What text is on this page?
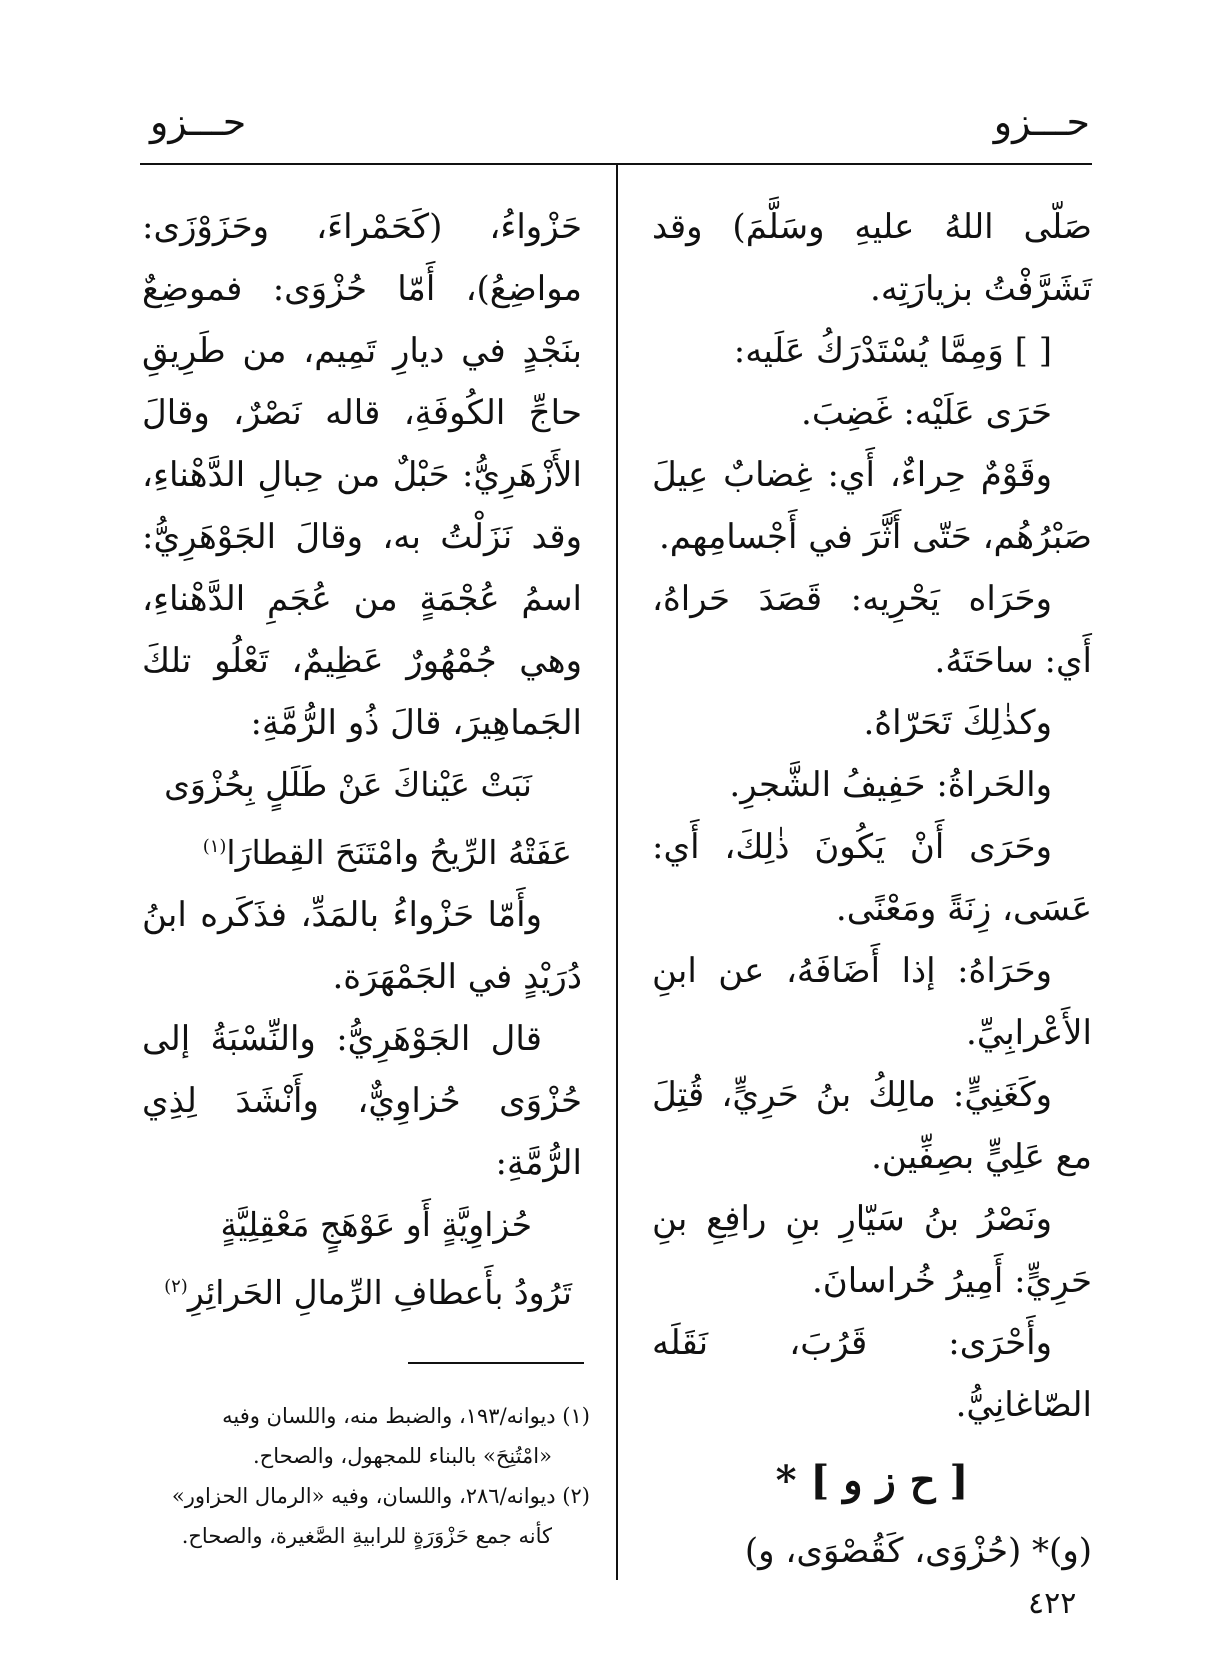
حـــزو
حـــزو

صَلّى اللهُ عليهِ وسَلَّمَ) وقد تَشَرَّفْتُ بزيارَتِه.

[ ] وَمِمَّا يُسْتَدْرَكُ عَلَيه:

حَرَى عَلَيْه: غَضِبَ.

وقَوْمٌ حِراءٌ، أَي: غِضابٌ عِيلَ صَبْرُهُم، حَتّى أَثَّرَ في أَجْسامِهم.

وحَرَاه يَحْرِيه: قَصَدَ حَراهُ، أَي: ساحَتَهُ.

وكذٰلِكَ تَحَرّاهُ.

والحَراةُ: حَفِيفُ الشَّجرِ.

وحَرَى أَنْ يَكُونَ ذٰلِكَ، أَي: عَسَى، زِنَةً ومَعْنًى.

وحَرَاهُ: إذا أَضَافَهُ، عن ابنِ الأَعْرابِيِّ.

وكَغَنِيٍّ: مالِكُ بنُ حَرِيٍّ، قُتِلَ مع عَلِيٍّ بصِفِّين.

ونَصْرُ بنُ سَيّارِ بنِ رافِعِ بنِ حَرِيٍّ: أَمِيرُ خُراسانَ.

وأَحْرَى: قَرُبَ، نَقَلَه الصّاغانِيُّ.

[ ح ز و ] *

(و)* (حُزْوَى، كَقُصْوَى، و)

حَزْواءُ، (كَحَمْراءَ، وحَزَوْزَى: مواضِعُ)، أَمّا حُزْوَى: فموضِعٌ بنَجْدٍ في ديارِ تَمِيم، من طَرِيقِ حاجِّ الكُوفَةِ، قاله نَصْرٌ، وقالَ الأَزْهَرِيُّ: حَبْلٌ من حِبالِ الدَّهْناءِ، وقد نَزَلْتُ به، وقالَ الجَوْهَرِيُّ: اسمُ عُجْمَةٍ من عُجَمِ الدَّهْناءِ، وهي جُمْهُورٌ عَظِيمٌ، تَعْلُو تلكَ الجَماهِيرَ، قالَ ذُو الرُّمَّةِ:

نَبَتْ عَيْناكَ عَنْ طَلَلٍ بِحُزْوَى
عَفَتْهُ الرِّيحُ وامْتَنَحَ القِطارَا$^{(١)}$

وأَمّا حَزْواءُ بالمَدِّ، فذَكَره ابنُ دُرَيْدٍ في الجَمْهَرَة.

قال الجَوْهَرِيُّ: والنِّسْبَةُ إلى حُزْوَى حُزاوِيٌّ، وأَنْشَدَ لِذِي الرُّمَّةِ:

حُزاوِيَّةٍ أَو عَوْهَجٍ مَعْقِلِيَّةٍ
تَرُودُ بأَعطافِ الرِّمالِ الحَرائِرِ$^{(٢)}$

(١) ديوانه/١٩٣، والضبط منه، واللسان وفيه

«امْتُنِحَ» بالبناء للمجهول، والصحاح.

(٢) ديوانه/٢٨٦، واللسان، وفيه «الرمال الحزاور»

كأنه جمع حَزْوَرَةٍ للرابيةِ الصَّغيرة، والصحاح.

٤٢٢
